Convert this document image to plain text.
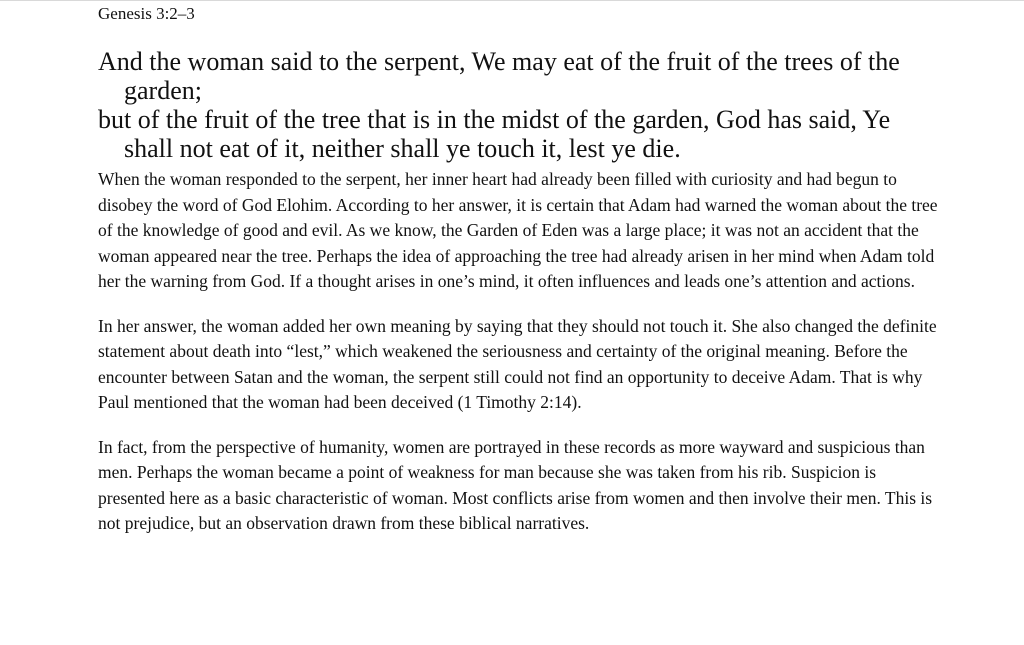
Genesis 3:2–3
And the woman said to the serpent, We may eat of the fruit of the trees of the garden;
but of the fruit of the tree that is in the midst of the garden, God has said, Ye shall not eat of it, neither shall ye touch it, lest ye die.

When the woman responded to the serpent, her inner heart had already been filled with curiosity and had begun to disobey the word of God Elohim. According to her answer, it is certain that Adam had warned the woman about the tree of the knowledge of good and evil. As we know, the Garden of Eden was a large place; it was not an accident that the woman appeared near the tree. Perhaps the idea of approaching the tree had already arisen in her mind when Adam told her the warning from God. If a thought arises in one’s mind, it often influences and leads one’s attention and actions.

In her answer, the woman added her own meaning by saying that they should not touch it. She also changed the definite statement about death into “lest,” which weakened the seriousness and certainty of the original meaning. Before the encounter between Satan and the woman, the serpent still could not find an opportunity to deceive Adam. That is why Paul mentioned that the woman had been deceived (1 Timothy 2:14).

In fact, from the perspective of humanity, women are portrayed in these records as more wayward and suspicious than men. Perhaps the woman became a point of weakness for man because she was taken from his rib. Suspicion is presented here as a basic characteristic of woman. Most conflicts arise from women and then involve their men. This is not prejudice, but an observation drawn from these biblical narratives.
